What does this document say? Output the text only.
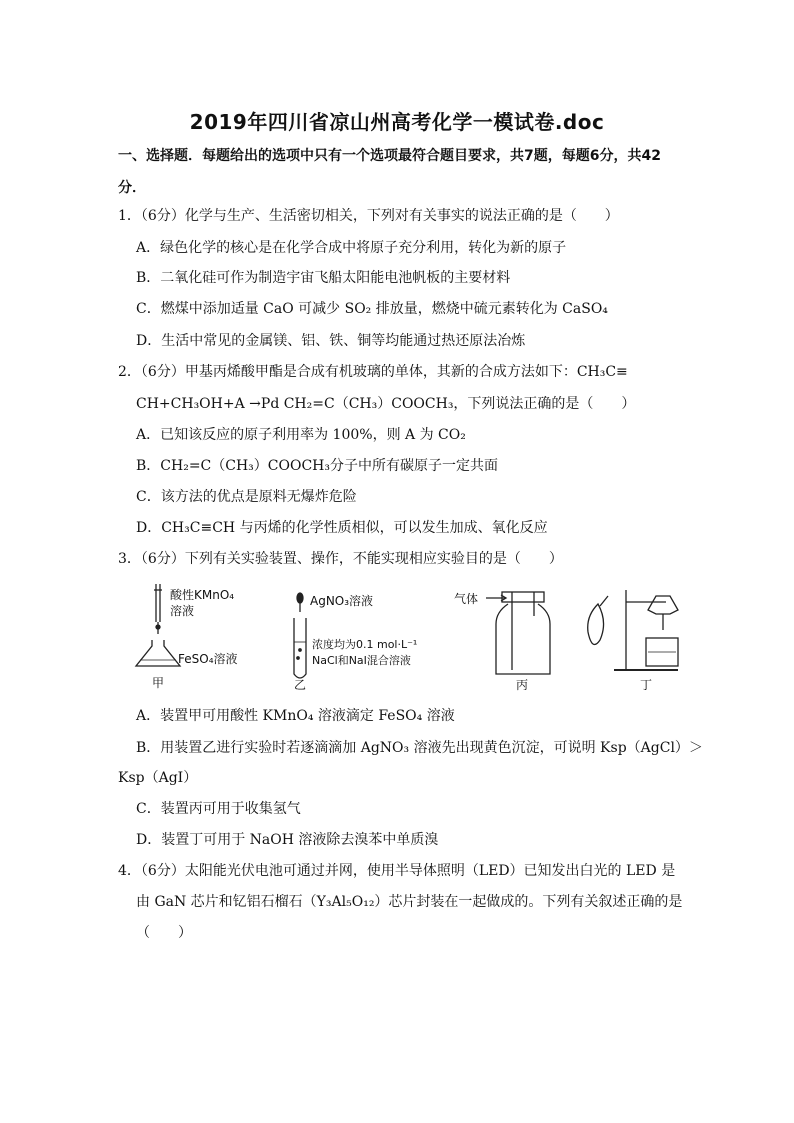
2019年四川省凉山州高考化学一模试卷.doc
一、选择题．每题给出的选项中只有一个选项最符合题目要求，共7题，每题6分，共42
分．
1．（6分）化学与生产、生活密切相关，下列对有关事实的说法正确的是（　　）
A．绿色化学的核心是在化学合成中将原子充分利用，转化为新的原子
B．二氧化硅可作为制造宇宙飞船太阳能电池帆板的主要材料
C．燃煤中添加适量 CaO 可减少 SO₂ 排放量，燃烧中硫元素转化为 CaSO₄
D．生活中常见的金属镁、铝、铁、铜等均能通过热还原法冶炼
2．（6分）甲基丙烯酸甲酯是合成有机玻璃的单体，其新的合成方法如下：CH₃C≡
CH+CH₃OH+A →Pd CH₂=C（CH₃）COOCH₃，下列说法正确的是（　　）
A．已知该反应的原子利用率为 100%，则 A 为 CO₂
B．CH₂=C（CH₃）COOCH₃分子中所有碳原子一定共面
C．该方法的优点是原料无爆炸危险
D．CH₃C≡CH 与丙烯的化学性质相似，可以发生加成、氧化反应
3．（6分）下列有关实验装置、操作，不能实现相应实验目的是（　　）
酸性KMnO₄
溶液
FeSO₄溶液
甲
AgNO₃溶液
浓度均为0.1 mol·L⁻¹
NaCl和NaI混合溶液
乙
气体
丙	丁
A．装置甲可用酸性 KMnO₄ 溶液滴定 FeSO₄ 溶液
B．用装置乙进行实验时若逐滴滴加 AgNO₃ 溶液先出现黄色沉淀，可说明 Ksp（AgCl）＞
Ksp（AgI）
C．装置丙可用于收集氢气
D．装置丁可用于 NaOH 溶液除去溴苯中单质溴
4．（6分）太阳能光伏电池可通过并网，使用半导体照明（LED）已知发出白光的 LED 是
由 GaN 芯片和钇铝石榴石（Y₃Al₅O₁₂）芯片封装在一起做成的。下列有关叙述正确的是
（　　）
